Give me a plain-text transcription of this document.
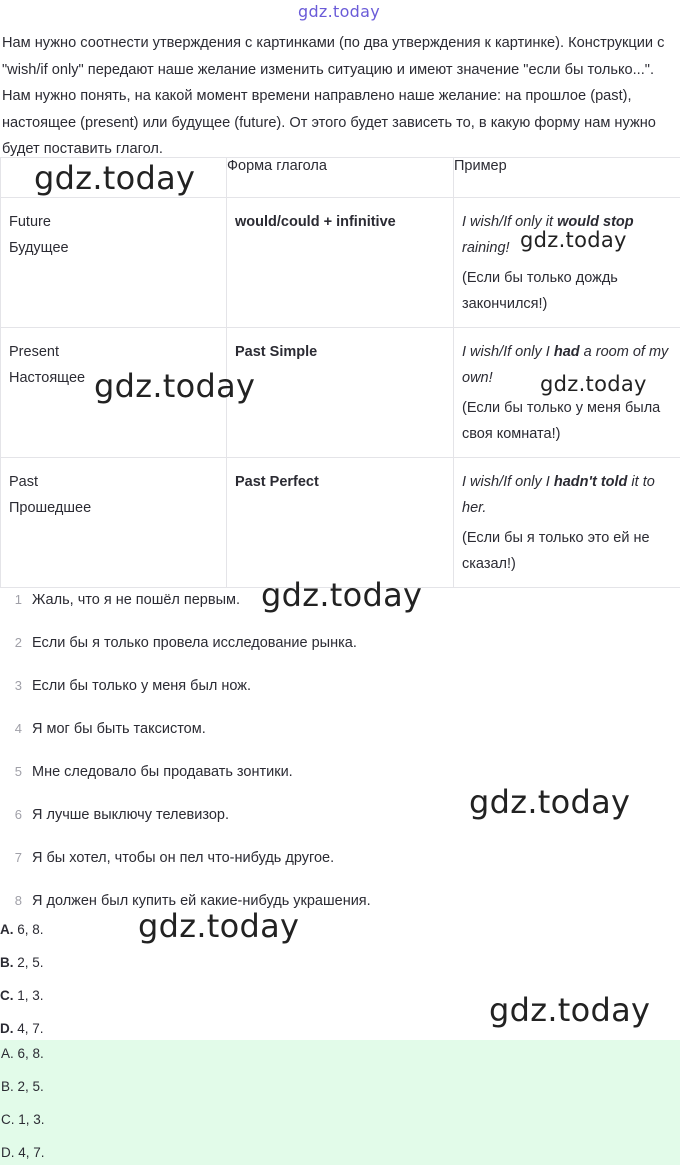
gdz.today

Нам нужно соотнести утверждения с картинками (по два утверждения к картинке). Конструкции с "wish/if only" передают наше желание изменить ситуацию и имеют значение "если бы только...". Нам нужно понять, на какой момент времени направлено наше желание: на прошлое (past), настоящее (present) или будущее (future). От этого будет зависеть то, в какую форму нам нужно будет поставить глагол.

	Форма глагола	Пример

Future
Будущее	would/could + infinitive	I wish/If only it would stop raining!
(Если бы только дождь закончился!)

Present
Настоящее	Past Simple	I wish/If only I had a room of my own!
(Если бы только у меня была своя комната!)

Past
Прошедшее	Past Perfect	I wish/If only I hadn't told it to her.
(Если бы я только это ей не сказал!)
1 Жаль, что я не пошёл первым.
2 Если бы я только провела исследование рынка.
3 Если бы только у меня был нож.
4 Я мог бы быть таксистом.
5 Мне следовало бы продавать зонтики.
6 Я лучше выключу телевизор.
7 Я бы хотел, чтобы он пел что-нибудь другое.
8 Я должен был купить ей какие-нибудь украшения.
A. 6, 8.
B. 2, 5.
C. 1, 3.
D. 4, 7.
A. 6, 8.
B. 2, 5.
C. 1, 3.
D. 4, 7.
gdz.today
gdz.today
gdz.today	gdz.today
gdz.today
gdz.today
gdz.today
gdz.today
